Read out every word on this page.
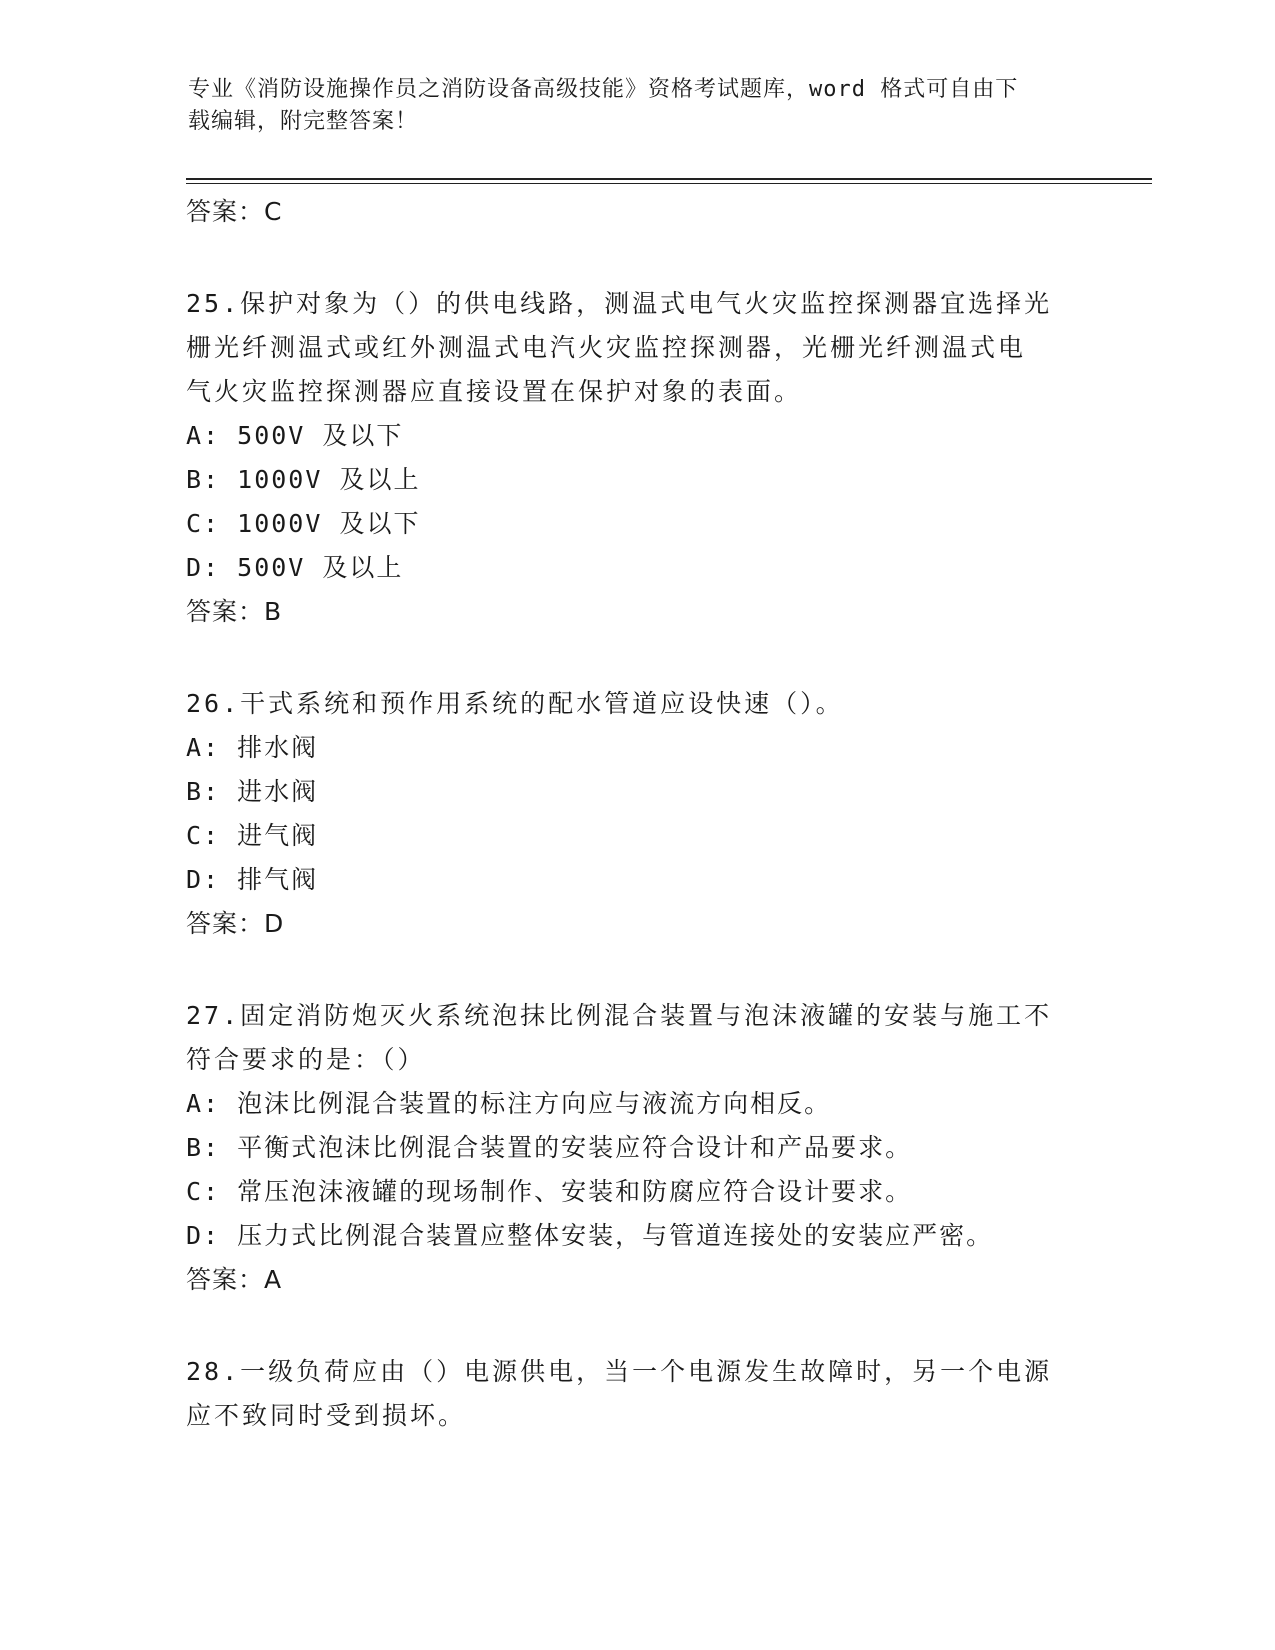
专业《消防设施操作员之消防设备高级技能》资格考试题库，word 格式可自由下
载编辑，附完整答案！
答案：C
25.保护对象为（）的供电线路，测温式电气火灾监控探测器宜选择光
栅光纤测温式或红外测温式电汽火灾监控探测器，光栅光纤测温式电
气火灾监控探测器应直接设置在保护对象的表面。
A: 500V 及以下
B: 1000V 及以上
C: 1000V 及以下
D: 500V 及以上
答案：B
26.干式系统和预作用系统的配水管道应设快速（）。
A: 排水阀
B: 进水阀
C: 进气阀
D: 排气阀
答案：D
27.固定消防炮灭火系统泡抹比例混合装置与泡沫液罐的安装与施工不
符合要求的是：（）
A: 泡沫比例混合装置的标注方向应与液流方向相反。
B: 平衡式泡沫比例混合装置的安装应符合设计和产品要求。
C: 常压泡沫液罐的现场制作、安装和防腐应符合设计要求。
D: 压力式比例混合装置应整体安装，与管道连接处的安装应严密。
答案：A
28.一级负荷应由（）电源供电，当一个电源发生故障时，另一个电源
应不致同时受到损坏。
